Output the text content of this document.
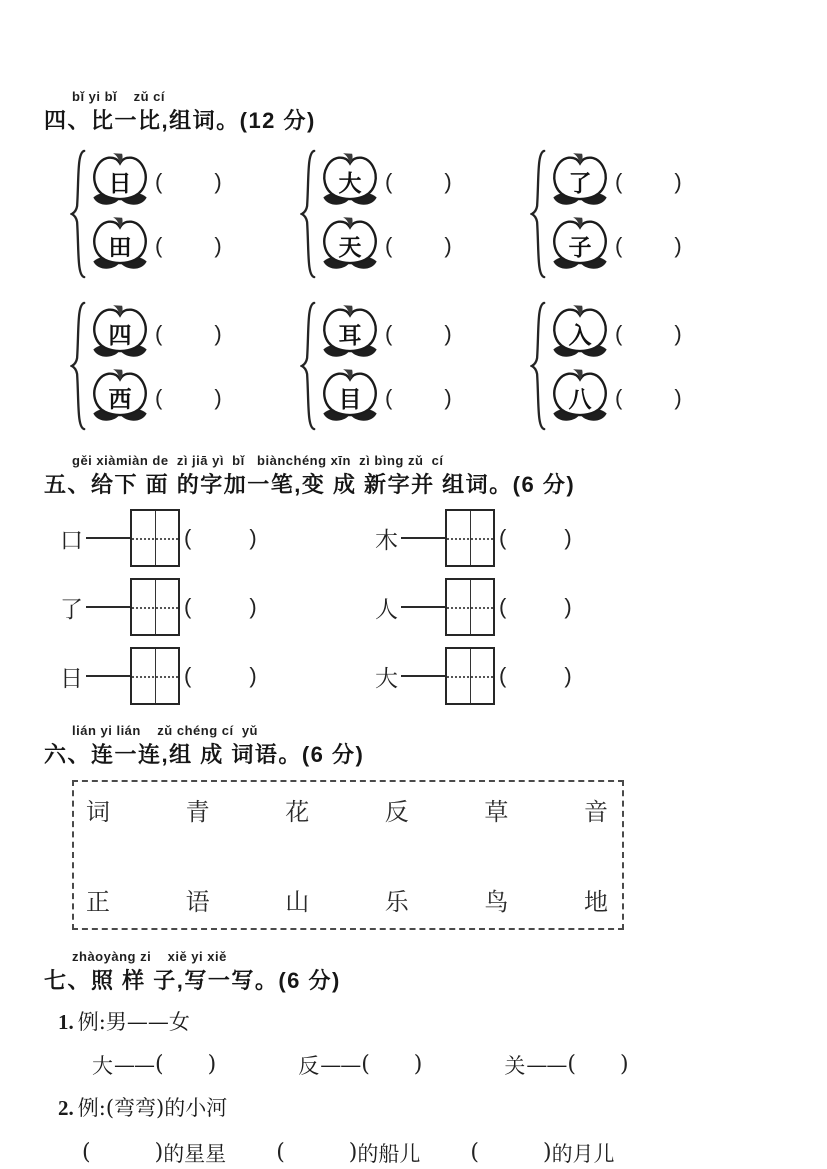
bǐ yi bǐ    zǔ cí
四、比一比,组词。(12 分)
日 ( )
田 ( )
大 ( )
天 ( )
了 ( )
子 ( )
四 ( )
西 ( )
耳 ( )
目 ( )
入 ( )
八 ( )
gěi xiàmiàn de  zì jiā yì  bǐ   biànchéng xīn  zì bìng zǔ  cí
五、给下 面 的字加一笔,变 成 新字并 组词。(6 分)
口	(	)
了	(	)
日	(	)
木	(	)
人	(	)
大	(	)
lián yi lián    zǔ chéng cí  yǔ
六、连一连,组 成 词语。(6 分)
词	青	花	反	草	音
正	语	山	乐	鸟	地
zhàoyàng zi    xiě yi xiě
七、照 样 子,写一写。(6 分)
1. 例:男——女
大 —— ( )	反 —— ( )	关 —— ( )
2. 例:(弯弯)的小河
(	) 的星星 (	) 的船儿 (	) 的月儿
